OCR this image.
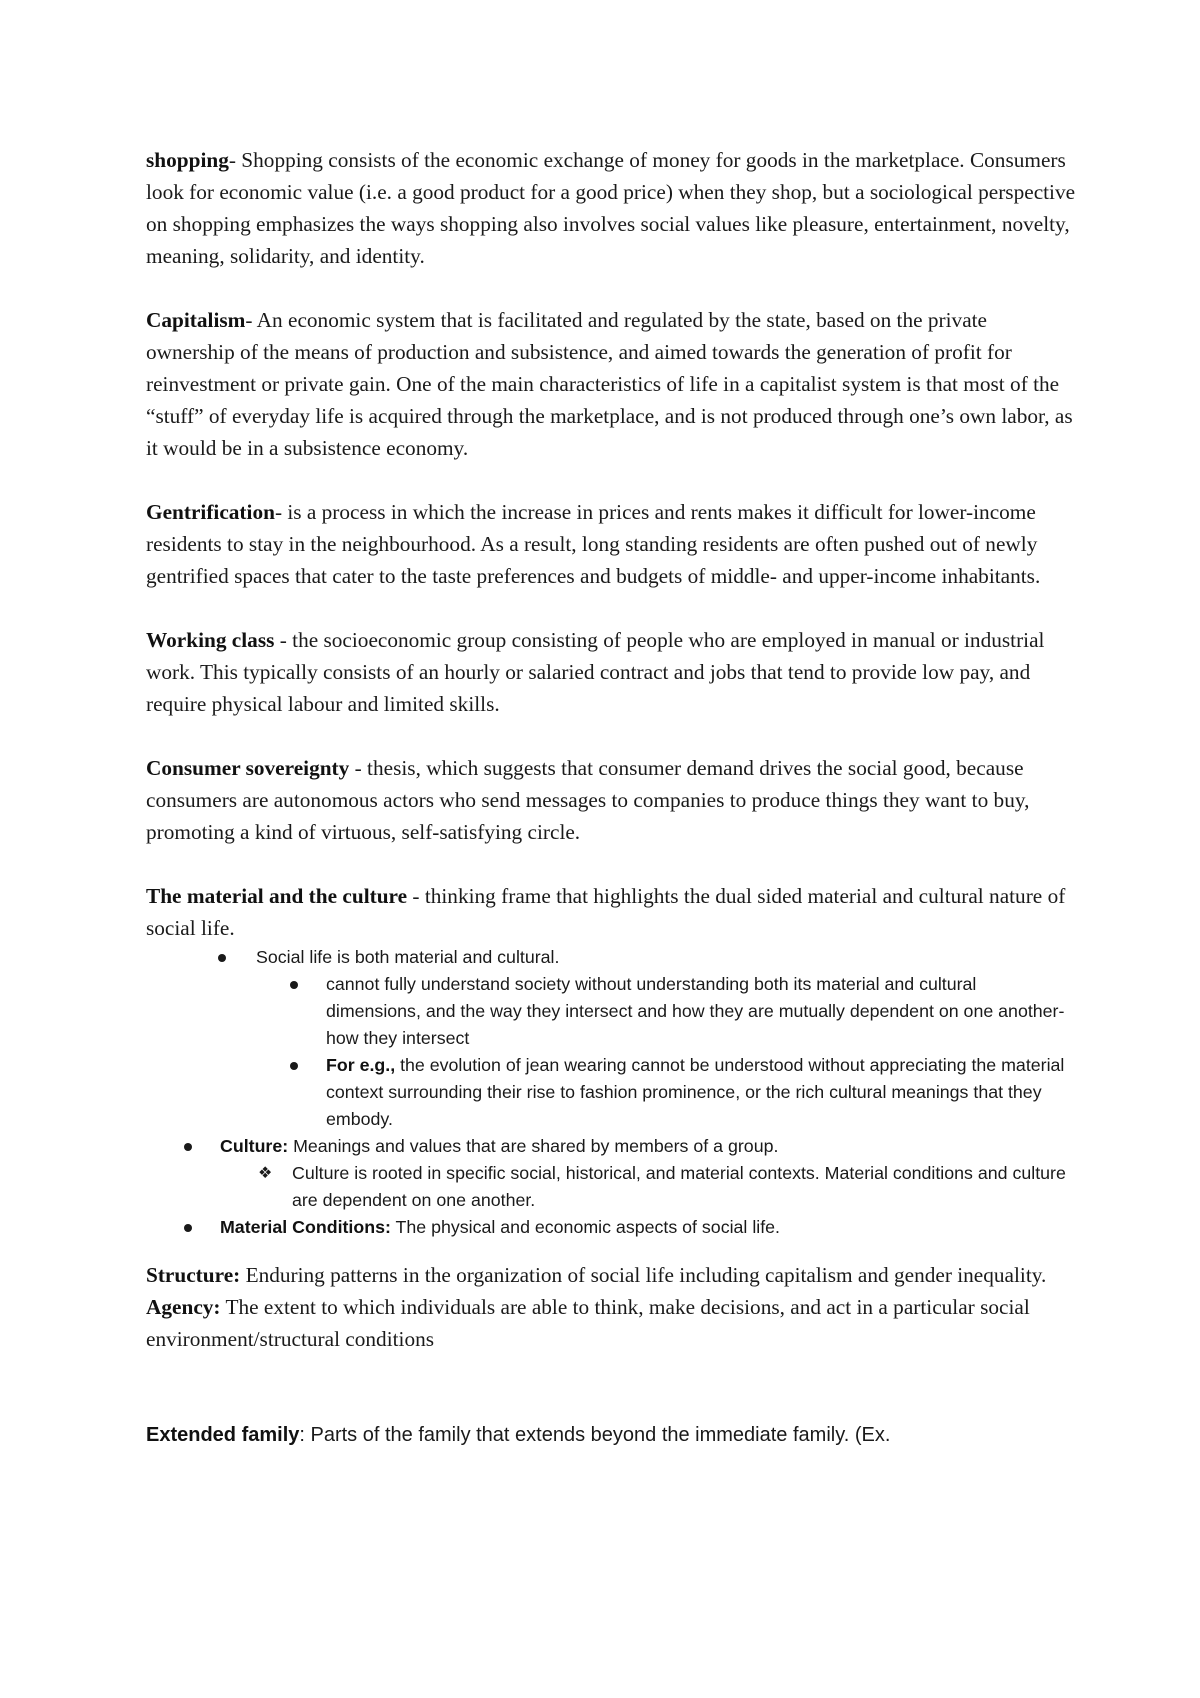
shopping- Shopping consists of the economic exchange of money for goods in the marketplace. Consumers look for economic value (i.e. a good product for a good price) when they shop, but a sociological perspective on shopping emphasizes the ways shopping also involves social values like pleasure, entertainment, novelty, meaning, solidarity, and identity.

Capitalism- An economic system that is facilitated and regulated by the state, based on the private ownership of the means of production and subsistence, and aimed towards the generation of profit for reinvestment or private gain. One of the main characteristics of life in a capitalist system is that most of the “stuff” of everyday life is acquired through the marketplace, and is not produced through one’s own labor, as it would be in a subsistence economy.

Gentrification- is a process in which the increase in prices and rents makes it difficult for lower-income residents to stay in the neighbourhood. As a result, long standing residents are often pushed out of newly gentrified spaces that cater to the taste preferences and budgets of middle- and upper-income inhabitants.

Working class - the socioeconomic group consisting of people who are employed in manual or industrial work. This typically consists of an hourly or salaried contract and jobs that tend to provide low pay, and require physical labour and limited skills.

Consumer sovereignty - thesis, which suggests that consumer demand drives the social good, because consumers are autonomous actors who send messages to companies to produce things they want to buy, promoting a kind of virtuous, self-satisfying circle.

The material and the culture - thinking frame that highlights the dual sided material and cultural nature of social life.

Social life is both material and cultural.
cannot fully understand society without understanding both its material and cultural dimensions, and the way they intersect and how they are mutually dependent on one another- how they intersect
For e.g., the evolution of jean wearing cannot be understood without appreciating the material context surrounding their rise to fashion prominence, or the rich cultural meanings that they embody.
Culture: Meanings and values that are shared by members of a group.
❖ Culture is rooted in specific social, historical, and material contexts. Material conditions and culture are dependent on one another.
Material Conditions: The physical and economic aspects of social life.

Structure: Enduring patterns in the organization of social life including capitalism and gender inequality.

Agency: The extent to which individuals are able to think, make decisions, and act in a particular social environment/structural conditions

Extended family: Parts of the family that extends beyond the immediate family. (Ex.
